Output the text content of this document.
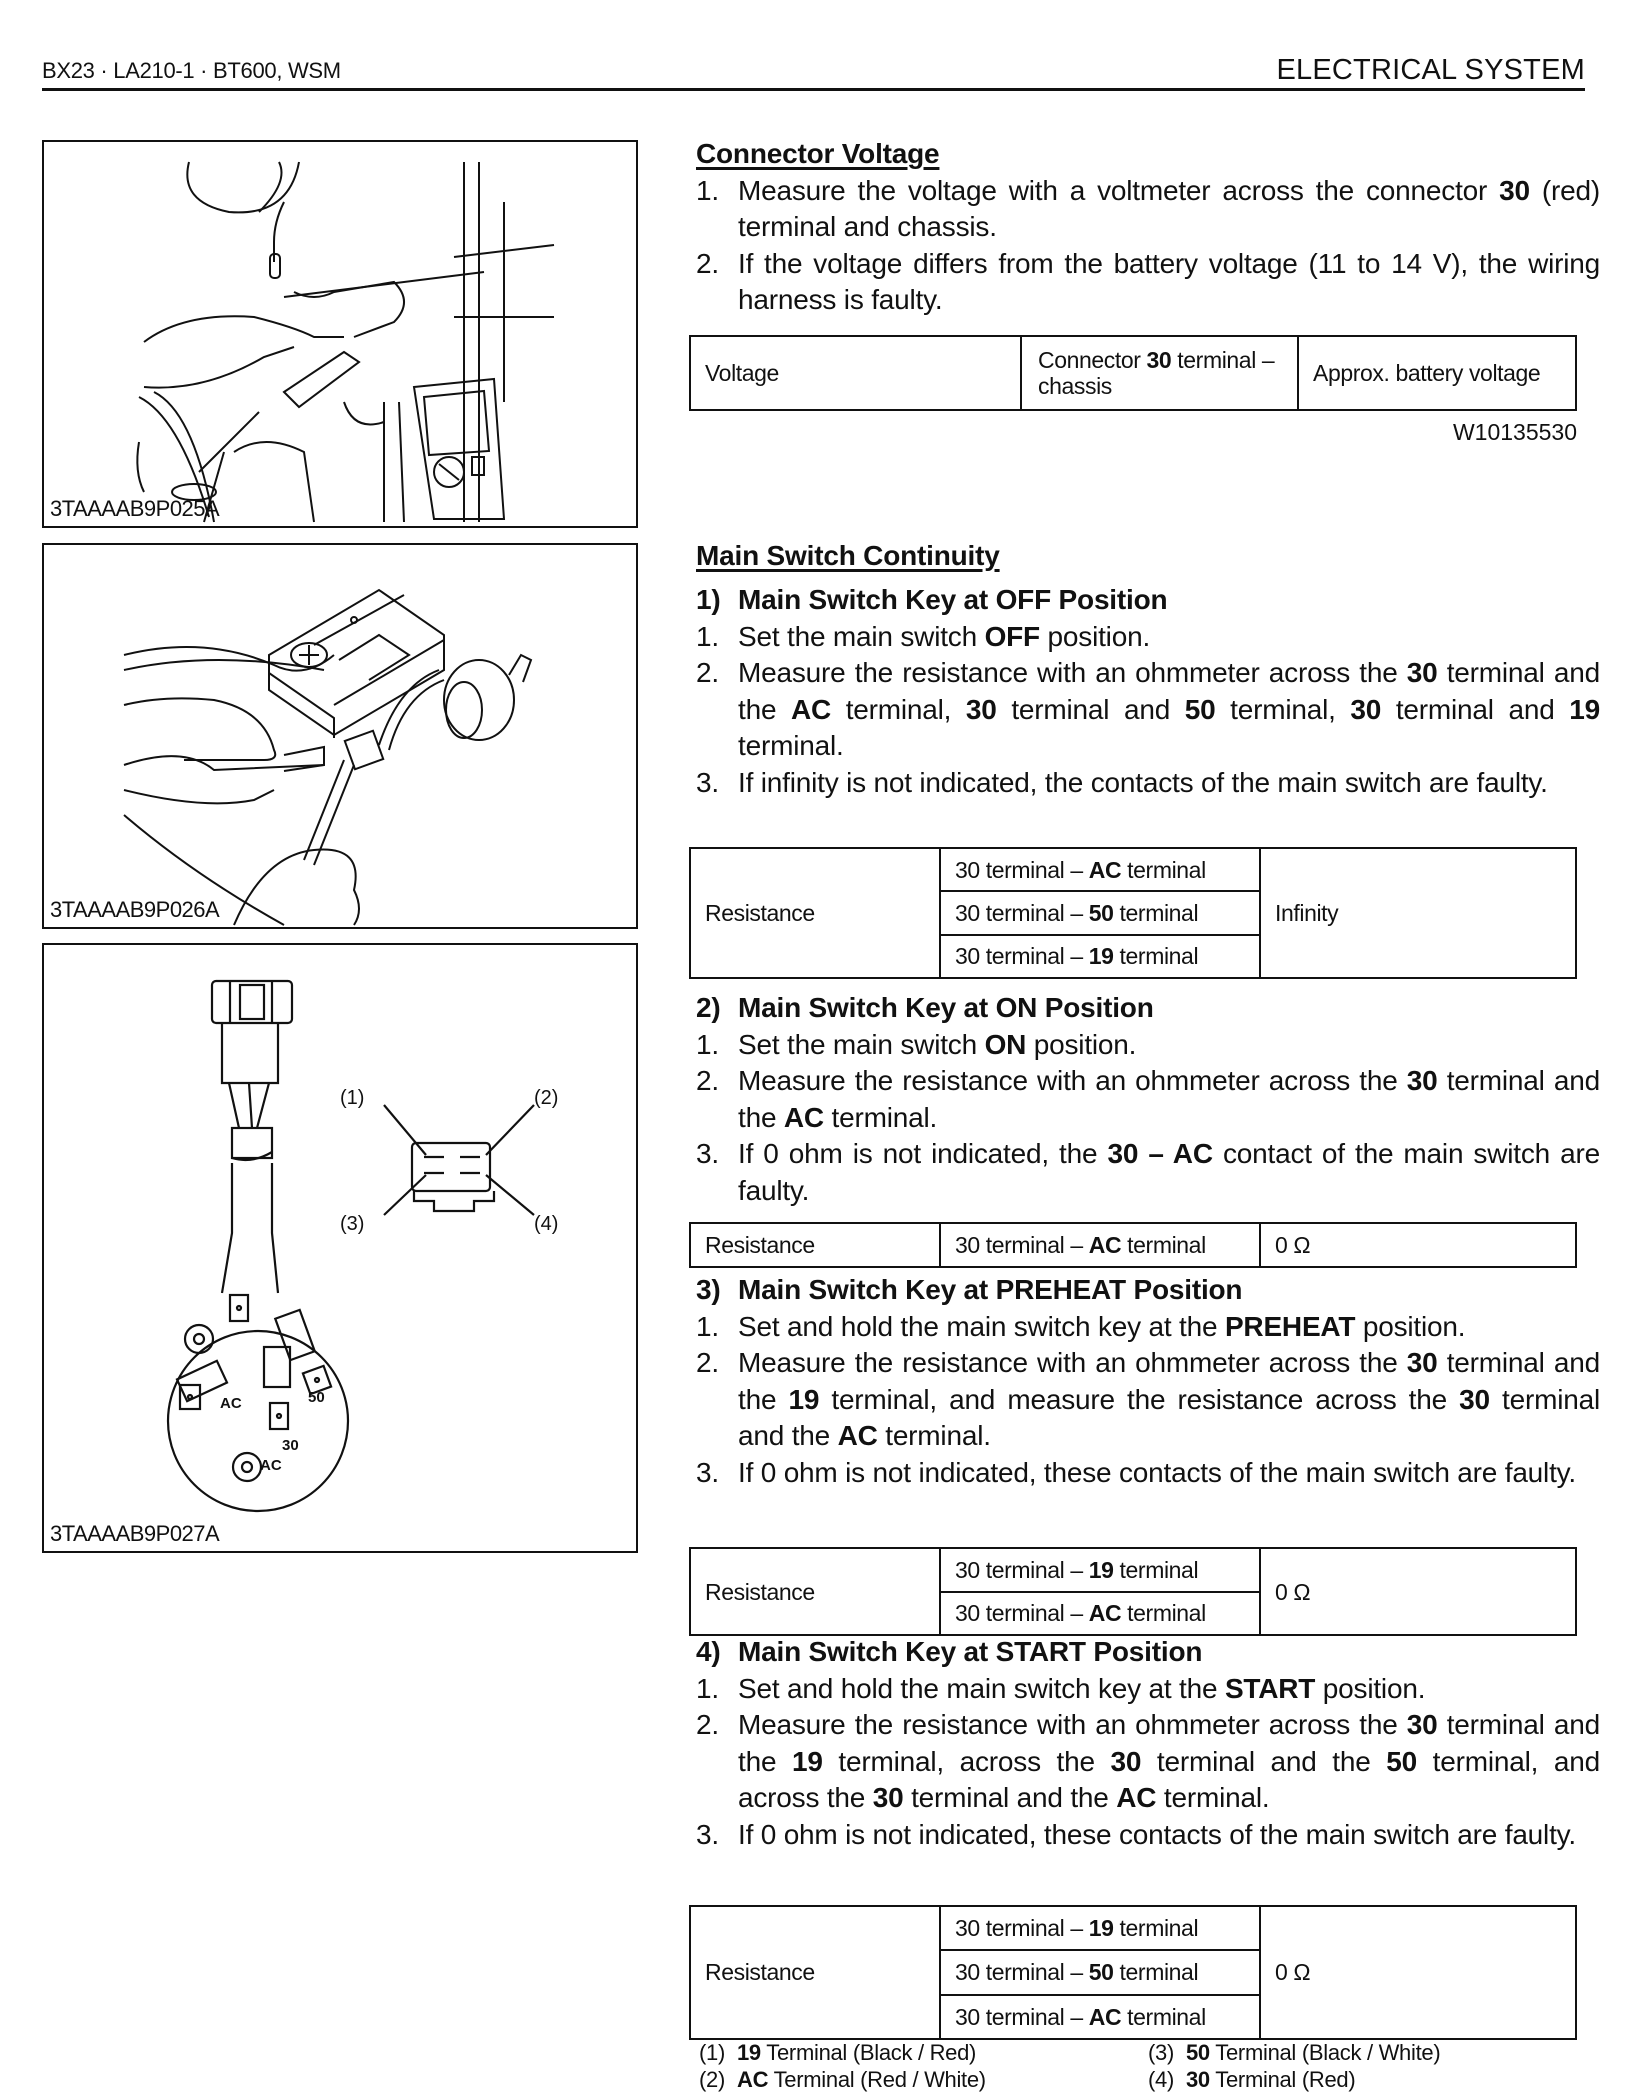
BX23 · LA210-1 · BT600, WSM	ELECTRICAL SYSTEM
3TAAAAB9P025A
3TAAAAB9P026A
(1)	(2)
(3)	(4)
AC	50
30
AC
3TAAAAB9P027A
Connector Voltage
1. Measure the voltage with a voltmeter across the connector 30 (red) terminal and chassis.
2. If the voltage differs from the battery voltage (11 to 14 V), the wiring harness is faulty.
Voltage	Connector 30 terminal – chassis	Approx. battery voltage
W10135530
Main Switch Continuity
1) Main Switch Key at OFF Position
1. Set the main switch OFF position.
2. Measure the resistance with an ohmmeter across the 30 terminal and the AC terminal, 30 terminal and 50 terminal, 30 terminal and 19 terminal.
3. If infinity is not indicated, the contacts of the main switch are faulty.
Resistance	30 terminal – AC terminal	Infinity
30 terminal – 50 terminal
30 terminal – 19 terminal
2) Main Switch Key at ON Position
1. Set the main switch ON position.
2. Measure the resistance with an ohmmeter across the 30 terminal and the AC terminal.
3. If 0 ohm is not indicated, the 30 – AC contact of the main switch are faulty.
Resistance	30 terminal – AC terminal	0 Ω
3) Main Switch Key at PREHEAT Position
1. Set and hold the main switch key at the PREHEAT position.
2. Measure the resistance with an ohmmeter across the 30 terminal and the 19 terminal, and measure the resistance across the 30 terminal and the AC terminal.
3. If 0 ohm is not indicated, these contacts of the main switch are faulty.
Resistance	30 terminal – 19 terminal	0 Ω
30 terminal – AC terminal
4) Main Switch Key at START Position
1. Set and hold the main switch key at the START position.
2. Measure the resistance with an ohmmeter across the 30 terminal and the 19 terminal, across the 30 terminal and the 50 terminal, and across the 30 terminal and the AC terminal.
3. If 0 ohm is not indicated, these contacts of the main switch are faulty.
Resistance	30 terminal – 19 terminal	0 Ω
30 terminal – 50 terminal
30 terminal – AC terminal
(1) 19 Terminal (Black / Red)
(2) AC Terminal (Red / White)
(3) 50 Terminal (Black / White)
(4) 30 Terminal (Red)
